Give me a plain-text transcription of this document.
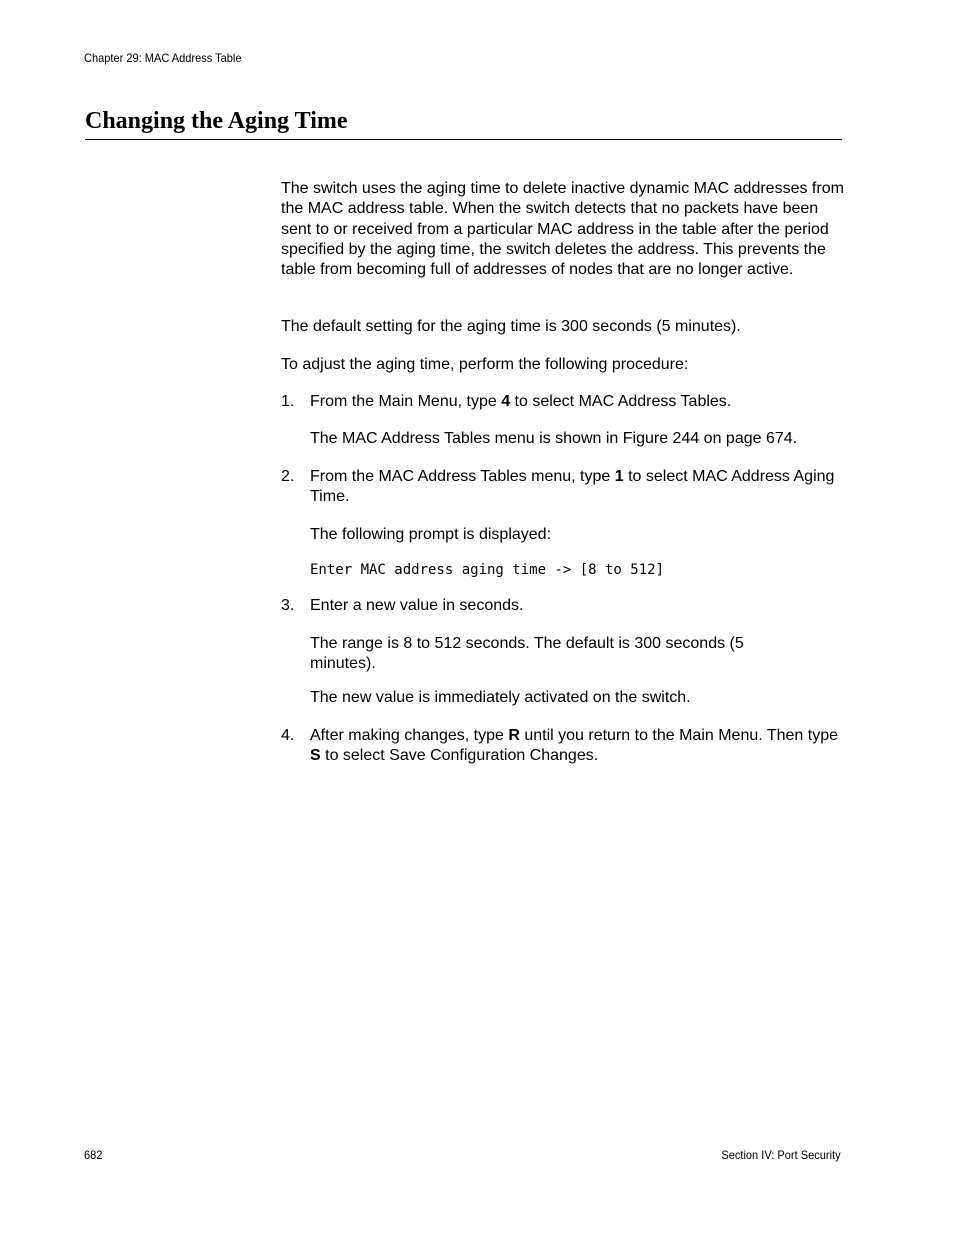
Chapter 29: MAC Address Table
Changing the Aging Time

The switch uses the aging time to delete inactive dynamic MAC addresses from the MAC address table. When the switch detects that no packets have been sent to or received from a particular MAC address in the table after the period specified by the aging time, the switch deletes the address. This prevents the table from becoming full of addresses of nodes that are no longer active.

The default setting for the aging time is 300 seconds (5 minutes).

To adjust the aging time, perform the following procedure:

1. From the Main Menu, type 4 to select MAC Address Tables.

The MAC Address Tables menu is shown in Figure 244 on page 674.

2. From the MAC Address Tables menu, type 1 to select MAC Address Aging Time.

The following prompt is displayed:

Enter MAC address aging time -> [8 to 512]
3. Enter a new value in seconds.

The range is 8 to 512 seconds. The default is 300 seconds (5 minutes).

The new value is immediately activated on the switch.

4. After making changes, type R until you return to the Main Menu. Then type S to select Save Configuration Changes.

682	Section IV: Port Security
